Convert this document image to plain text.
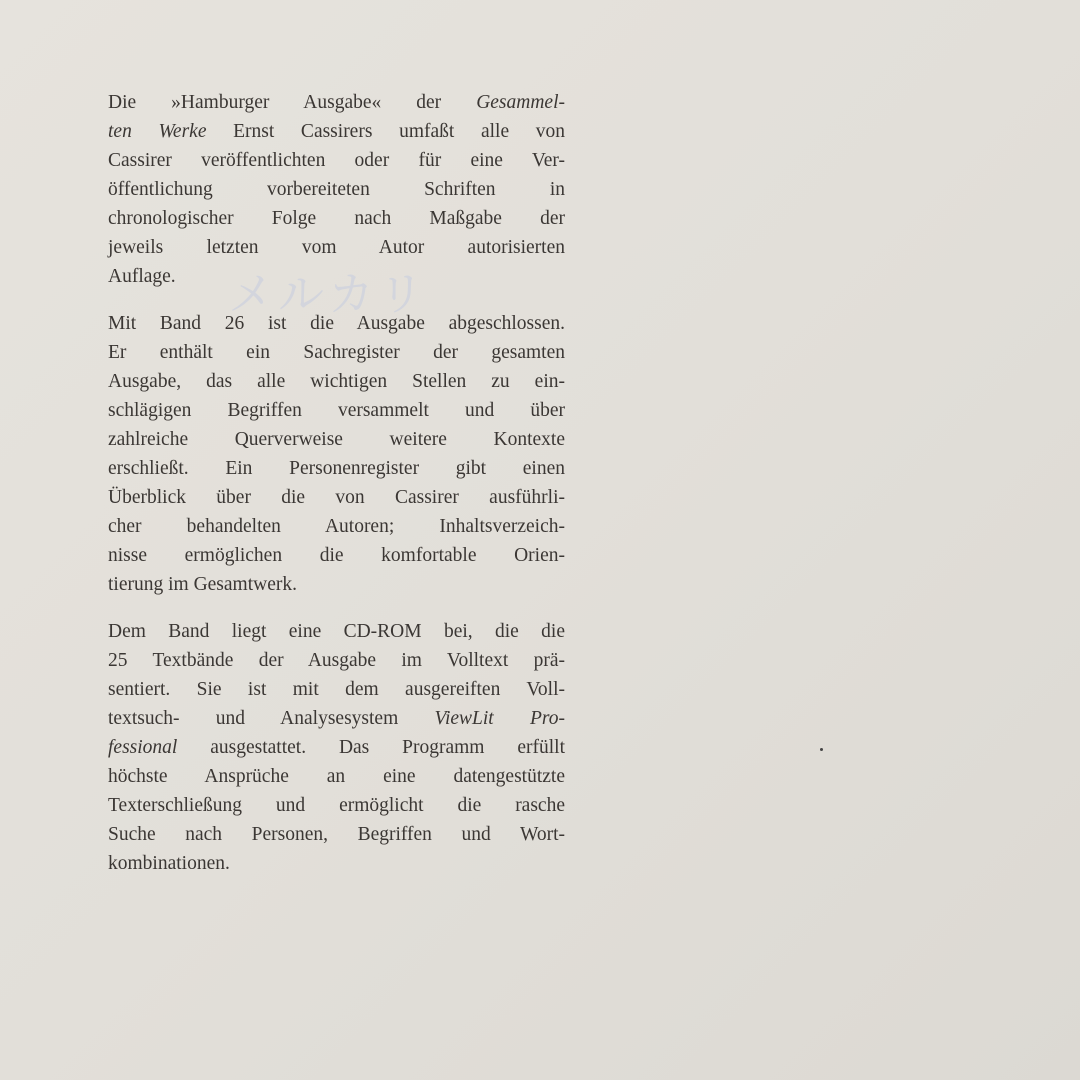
Die »Hamburger Ausgabe« der Gesammel-
ten Werke Ernst Cassirers umfaßt alle von
Cassirer veröffentlichten oder für eine Ver-
öffentlichung vorbereiteten Schriften in
chronologischer Folge nach Maßgabe der
jeweils letzten vom Autor autorisierten
Auflage.
Mit Band 26 ist die Ausgabe abgeschlossen.
Er enthält ein Sachregister der gesamten
Ausgabe, das alle wichtigen Stellen zu ein-
schlägigen Begriffen versammelt und über
zahlreiche Querverweise weitere Kontexte
erschließt. Ein Personenregister gibt einen
Überblick über die von Cassirer ausführli-
cher behandelten Autoren; Inhaltsverzeich-
nisse ermöglichen die komfortable Orien-
tierung im Gesamtwerk.
Dem Band liegt eine CD-ROM bei, die die
25 Textbände der Ausgabe im Volltext prä-
sentiert. Sie ist mit dem ausgereiften Voll-
textsuch- und Analysesystem ViewLit Pro-
fessional ausgestattet. Das Programm erfüllt
höchste Ansprüche an eine datengestützte
Texterschließung und ermöglicht die rasche
Suche nach Personen, Begriffen und Wort-
kombinationen.
メルカリ
